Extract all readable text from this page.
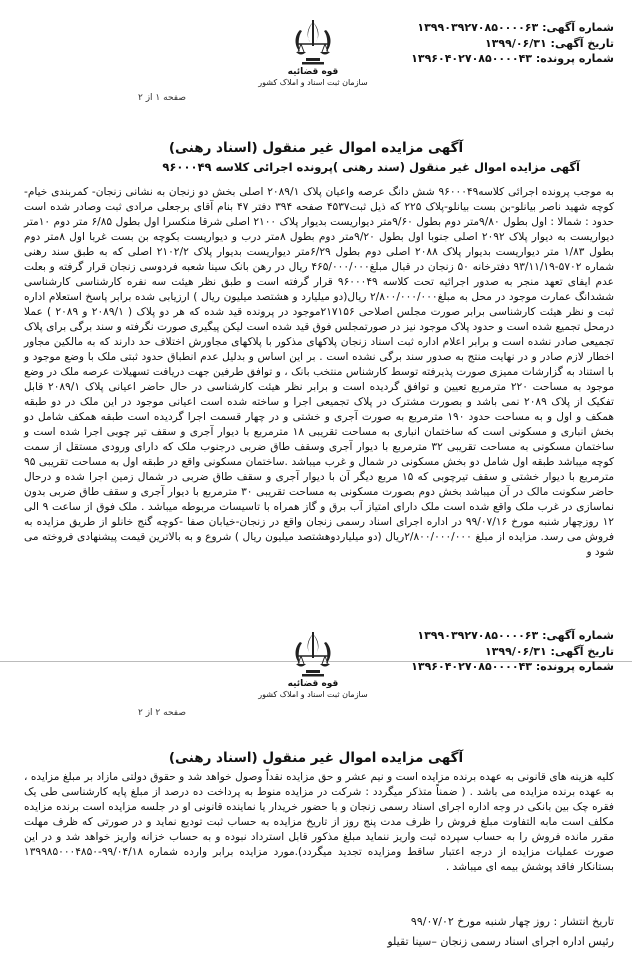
شماره آگهی: ۱۳۹۹۰۳۹۲۷۰۸۵۰۰۰۰۶۳
تاریخ آگهی: ۱۳۹۹/۰۶/۳۱
شماره پرونده: ۱۳۹۶۰۴۰۲۷۰۸۵۰۰۰۰۴۳
قوه قضائیه
سازمان ثبت اسناد و املاک کشور
صفحه ۱ از ۲
آگهی مزایده اموال غیر منقول (اسناد رهنی)
آگهی مزایده اموال غیر منقول (سند رهنی )پرونده اجرائی کلاسه ۹۶۰۰۰۴۹
به موجب پرونده اجرائی کلاسه۹۶۰۰۰۴۹ شش دانگ عرصه واعیان پلاک ۲۰۸۹/۱ اصلی بخش دو زنجان به نشانی زنجان- کمربندی خیام-کوچه شهید ناصر بیانلو-بن بست بیانلو-پلاک ۲۲۵ که ذیل ثبت۴۵۳۷ صفحه ۳۹۴ دفتر ۴۷ بنام آقای برجعلی مرادی ثبت وصادر شده است حدود : شمالا : اول بطول ۹/۸۰متر دوم بطول ۹/۶۰متر دیواریست بدیوار پلاک ۲۱۰۰ اصلی شرقا منکسرا اول بطول ۶/۸۵ متر دوم ۱۰متر دیواریست به دیوار پلاک ۲۰۹۲ اصلی جنوبا اول بطول ۹/۲۰متر دوم بطول ۸متر درب و دیواریست بکوچه بن بست غربا اول ۸متر دوم بطول ۱/۸۳ متر دیواریست بدیوار پلاک ۲۰۸۸ اصلی دوم بطول ۶/۲۹متر دیواریست بدیوار پلاک ۲۱۰۲/۲ اصلی که به طبق سند رهنی شماره ۵۷۰۲-۹۳/۱۱/۱۹ دفترخانه ۵۰ زنجان در قبال مبلغ۴۶۵/۰۰۰/۰۰۰ ریال در رهن بانک سینا شعبه فردوسی زنجان قرار گرفته و بعلت عدم ایفای تعهد منجر به صدور اجرائیه تحت کلاسه ۹۶۰۰۰۴۹ قرار گرفته است و طبق نظر هیئت سه نفره کارشناسی کارشناسی ششدانگ عمارت موجود در محل به مبلغ۲/۸۰۰/۰۰۰/۰۰۰ ریال(دو میلیارد و هشتصد میلیون ریال ) ارزیابی شده برابر پاسخ استعلام اداره ثبت و نظر هیئت کارشناسی برابر صورت مجلس اصلاحی ۲۱۷۱۵۶موجود در پرونده قید شده که هر دو پلاک ( ۲۰۸۹/۱ و ۲۰۸۹ ) عملا درمحل تجمیع شده است و حدود پلاک موجود نیز در صورتمجلس فوق قید شده است لیکن پیگیری صورت نگرفته و سند برگی برای پلاک تجمیعی صادر نشده است و برابر اعلام اداره ثبت اسناد زنجان پلاکهای مذکور با پلاکهای مجاورش اختلاف حد دارند که به مالکین مجاور اخطار لازم صادر و در نهایت منتج به صدور سند برگی نشده است . بر این اساس و بدلیل عدم انطباق حدود ثبتی ملک با وضع موجود و با استناد به گزارشات ممیزی صورت پذیرفته توسط کارشناس منتخب بانک ، و توافق طرفین جهت دریافت تسهیلات عرصه ملک در وضع موجود به مساحت ۲۲۰ مترمربع تعیین و توافق گردیده است و برابر نظر هیئت کارشناسی در حال حاضر اعیانی پلاک ۲۰۸۹/۱ قابل تفکیک از پلاک ۲۰۸۹ نمی باشد و بصورت مشترک در پلاک تجمیعی اجرا و ساخته شده است اعیانی موجود در این ملک در دو طبقه همکف و اول و به مساحت حدود ۱۹۰ مترمربع به صورت آجری و خشتی و در چهار قسمت اجرا گردیده است طبقه همکف شامل دو بخش انباری و مسکونی است که ساختمان انباری به مساحت تقریبی ۱۸ مترمربع با دیوار آجری و سقف تیر چوبی اجرا شده است و ساختمان مسکونی به مساحت تقریبی ۳۲ مترمربع با دیوار آجری وسقف طاق ضربی درجنوب ملک که دارای ورودی مستقل از سمت کوچه میباشد طبقه اول شامل دو بخش مسکونی در شمال و غرب میباشد .ساختمان مسکونی واقع در طبقه اول به مساحت تقریبی ۹۵ مترمربع با دیوار خشتی و سقف تیرچوبی که ۱۵ مربع دیگر آن با دیوار آجری و سقف طاق ضربی در شمال زمین اجرا شده و درحال حاضر سکونت مالک در آن میباشد بخش دوم بصورت مسکونی به مساحت تقریبی ۳۰ مترمربع با دیوار آجری و سقف طاق ضربی بدون نماسازی در غرب ملک واقع شده است ملک دارای امتیاز آب برق و گاز همراه با تاسیسات مربوطه میباشد . ملک فوق از ساعت ۹ الی ۱۲ روزچهار شنبه مورخ ۹۹/۰۷/۱۶ در اداره اجرای اسناد رسمی زنجان واقع در زنجان-خیابان صفا -کوچه گنج خانلو از طریق مزایده به فروش می رسد. مزایده از مبلغ ۲/۸۰۰/۰۰۰/۰۰۰ریال (دو میلیاردوهشتصد میلیون ریال ) شروع و به بالاترین قیمت پیشنهادی فروخته می شود و
شماره آگهی: ۱۳۹۹۰۳۹۲۷۰۸۵۰۰۰۰۶۳
تاریخ آگهی: ۱۳۹۹/۰۶/۳۱
شماره پرونده: ۱۳۹۶۰۴۰۲۷۰۸۵۰۰۰۰۴۳
قوه قضائیه
سازمان ثبت اسناد و املاک کشور
صفحه ۲ از ۲
آگهی مزایده اموال غیر منقول (اسناد رهنی)
کلیه هزینه های قانونی به عهده برنده مزایده است و نیم عشر و حق مزایده نقداً وصول خواهد شد و حقوق دولتی مازاد بر مبلغ مزایده ، به عهده برنده مزایده می باشد . ( ضمناً متذکر میگردد : شرکت در مزایده منوط به پرداخت ده درصد از مبلغ پایه کارشناسی طی یک فقره چک بین بانکی در وجه اداره اجرای اسناد رسمی زنجان و با حضور خریدار یا نماینده قانونی او در جلسه مزایده است برنده مزایده مکلف است مابه التفاوت مبلغ فروش را ظرف مدت پنج روز از تاریخ مزایده به حساب ثبت تودیع نماید و در صورتی که ظرف مهلت مقرر مانده فروش را به حساب سپرده ثبت واریز ننماید مبلغ مذکور قابل استرداد نبوده و به حساب خزانه واریز خواهد شد و در این صورت عملیات مزایده از درجه اعتبار ساقط ومزایده تجدید میگردد).مورد مزایده برابر وارده شماره ۹۹/۰۴/۱۸-۱۳۹۹۸۵۰۰۰۴۸۵۰ بستانکار فاقد پوشش بیمه ای میباشد .
تاریخ انتشار : روز چهار شنبه مورخ ۹۹/۰۷/۰۲
رئیس اداره اجرای اسناد رسمی زنجان –سینا تقیلو
